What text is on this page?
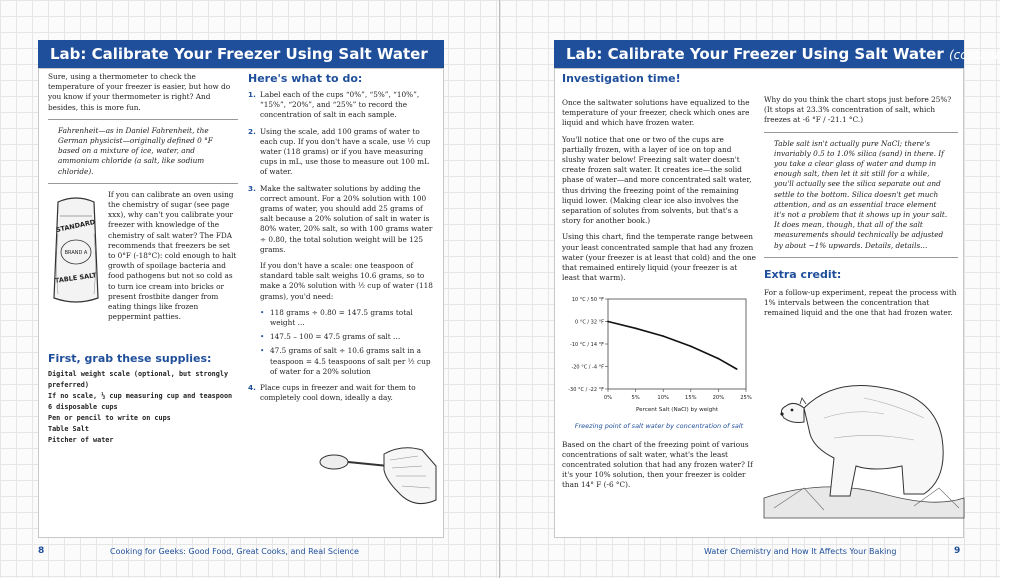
Lab: Calibrate Your Freezer Using Salt Water

Sure, using a thermometer to check the temperature of your freezer is easier, but how do you know if your thermometer is right? And besides, this is more fun.

Fahrenheit—as in Daniel Fahrenheit, the German physicist—originally defined 0 °F based on a mixture of ice, water, and ammonium chloride (a salt, like sodium chloride).
STANDARD
BRAND A
TABLE SALT

If you can calibrate an oven using the chemistry of sugar (see page xxx), why can't you calibrate your freezer with knowledge of the chemistry of salt water? The FDA recommends that freezers be set to 0°F (-18°C): cold enough to halt growth of spoilage bacteria and food pathogens but not so cold as to turn ice cream into bricks or present frostbite danger from eating things like frozen peppermint patties.

First, grab these supplies:
Digital weight scale (optional, but strongly preferred)
If no scale, ½ cup measuring cup and teaspoon
6 disposable cups
Pen or pencil to write on cups
Table Salt
Pitcher of water
Here's what to do:
1. Label each of the cups “0%”, “5%”, “10%”, “15%”, “20%”, and “25%” to record the concentration of salt in each sample.
2. Using the scale, add 100 grams of water to each cup. If you don't have a scale, use ½ cup water (118 grams) or if you have measuring cups in mL, use those to measure out 100 mL of water.
3. Make the saltwater solutions by adding the correct amount. For a 20% solution with 100 grams of water, you should add 25 grams of salt because a 20% solution of salt in water is 80% water, 20% salt, so with 100 grams water ÷ 0.80, the total solution weight will be 125 grams.

If you don't have a scale: one teaspoon of standard table salt weighs 10.6 grams, so to make a 20% solution with ½ cup of water (118 grams), you'd need:

• 118 grams ÷ 0.80 = 147.5 grams total weight …
• 147.5 – 100 = 47.5 grams of salt …
• 47.5 grams of salt ÷ 10.6 grams salt in a teaspoon = 4.5 teaspoons of salt per ½ cup of water for a 20% solution
4. Place cups in freezer and wait for them to completely cool down, ideally a day.
8	Cooking for Geeks: Good Food, Great Cooks, and Real Science
Lab: Calibrate Your Freezer Using Salt Water (continued)
Investigation time!

Once the saltwater solutions have equalized to the temperature of your freezer, check which ones are liquid and which have frozen water.

You'll notice that one or two of the cups are partially frozen, with a layer of ice on top and slushy water below! Freezing salt water doesn't create frozen salt water. It creates ice—the solid phase of water—and more concentrated salt water, thus driving the freezing point of the remaining liquid lower. (Making clear ice also involves the separation of solutes from solvents, but that's a story for another book.)

Using this chart, find the temperate range between your least concentrated sample that had any frozen water (your freezer is at least that cold) and the one that remained entirely liquid (your freezer is at least that warm).

10 °C / 50 °F
0 °C / 32 °F
-10 °C / 14 °F
-20 °C / -4 °F
-30 °C / -22 °F
0%	5%	10%	15%	20%	25%
Percent Salt (NaCl) by weight
Freezing point of salt water by concentration of salt

Based on the chart of the freezing point of various concentrations of salt water, what's the least concentrated solution that had any frozen water? If it's your 10% solution, then your freezer is colder than 14° F (-6 °C).

Why do you think the chart stops just before 25%? (It stops at 23.3% concentration of salt, which freezes at -6 °F / -21.1 °C.)

Table salt isn't actually pure NaCl; there's invariably 0.5 to 1.0% silica (sand) in there. If you take a clear glass of water and dump in enough salt, then let it sit still for a while, you'll actually see the silica separate out and settle to the bottom. Silica doesn't get much attention, and as an essential trace element it's not a problem that it shows up in your salt. It does mean, though, that all of the salt measurements should technically be adjusted by about ~1% upwards. Details, details…
Extra credit:

For a follow-up experiment, repeat the process with 1% intervals between the concentration that remained liquid and the one that had frozen water.

Water Chemistry and How It Affects Your Baking	9
